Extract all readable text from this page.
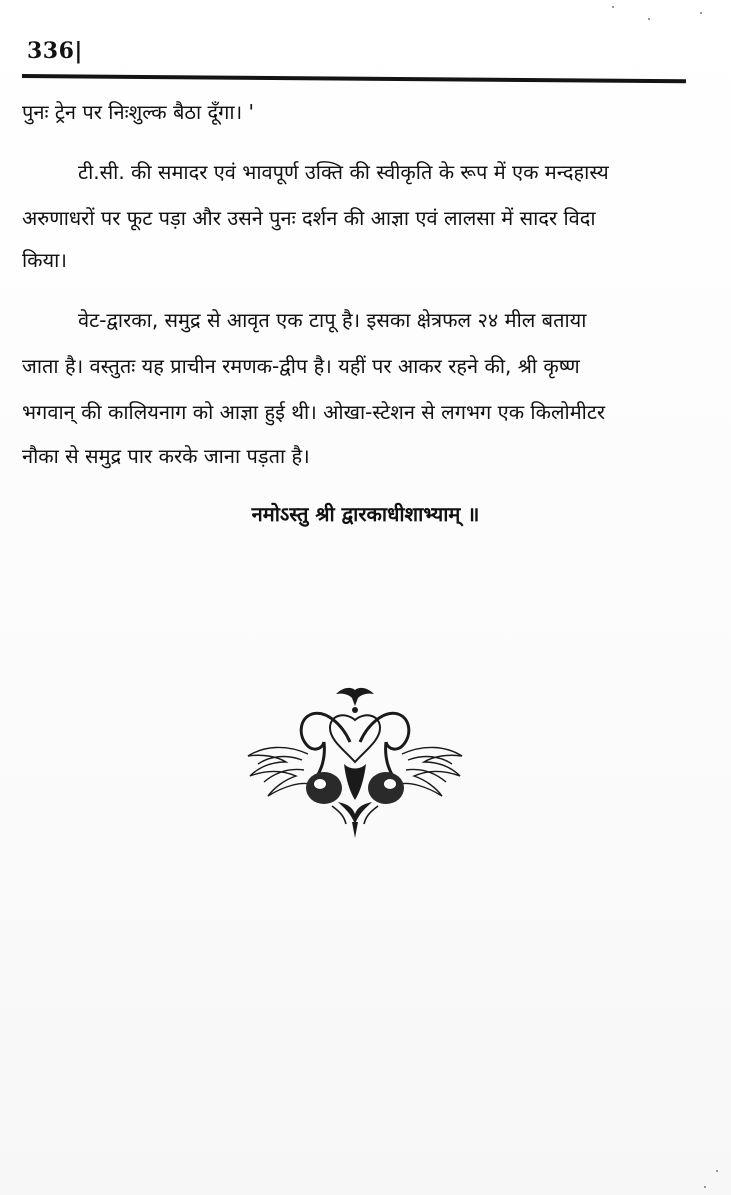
336|
पुनः ट्रेन पर निःशुल्क बैठा दूँगा। '
टी.सी. की समादर एवं भावपूर्ण उक्ति की स्वीकृति के रूप में एक मन्दहास्य
अरुणाधरों पर फूट पड़ा और उसने पुनः दर्शन की आज्ञा एवं लालसा में सादर विदा
किया।
वेट-द्वारका, समुद्र से आवृत एक टापू है। इसका क्षेत्रफल २४ मील बताया
जाता है। वस्तुतः यह प्राचीन रमणक-द्वीप है। यहीं पर आकर रहने की, श्री कृष्ण
भगवान् की कालियनाग को आज्ञा हुई थी। ओखा-स्टेशन से लगभग एक किलोमीटर
नौका से समुद्र पार करके जाना पड़ता है।
नमोऽस्तु श्री द्वारकाधीशाभ्याम् ॥
